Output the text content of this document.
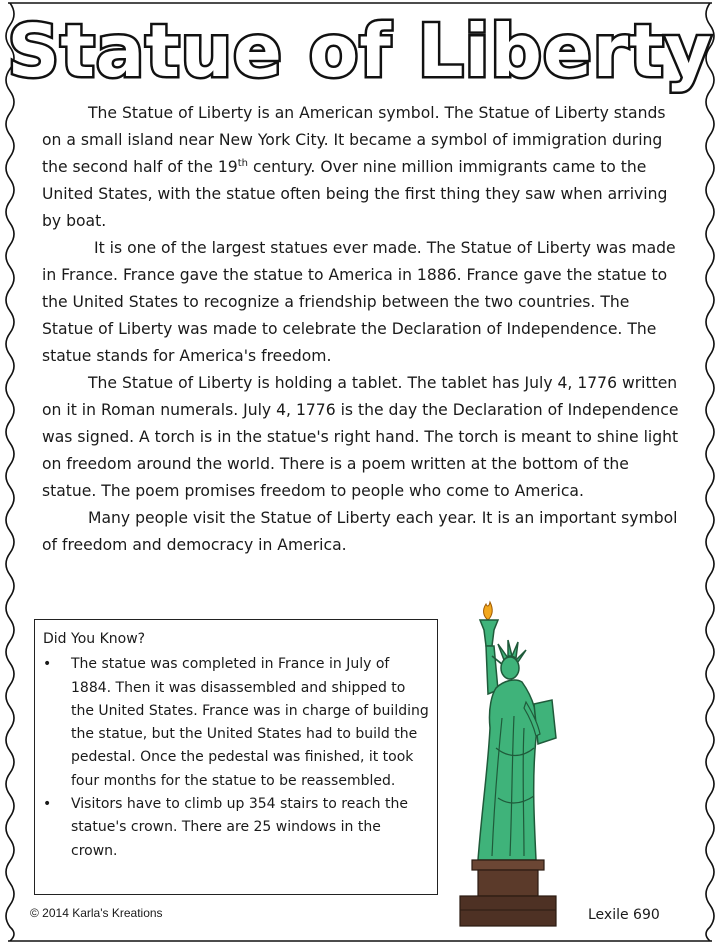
Statue of Liberty

The Statue of Liberty is an American symbol. The Statue of Liberty stands on a small island near New York City. It became a symbol of immigration during the second half of the 19th century. Over nine million immigrants came to the United States, with the statue often being the first thing they saw when arriving by boat.

It is one of the largest statues ever made. The Statue of Liberty was made in France. France gave the statue to America in 1886. France gave the statue to the United States to recognize a friendship between the two countries. The Statue of Liberty was made to celebrate the Declaration of Independence. The statue stands for America's freedom.

The Statue of Liberty is holding a tablet. The tablet has July 4, 1776 written on it in Roman numerals. July 4, 1776 is the day the Declaration of Independence was signed. A torch is in the statue's right hand. The torch is meant to shine light on freedom around the world. There is a poem written at the bottom of the statue. The poem promises freedom to people who come to America.

Many people visit the Statue of Liberty each year. It is an important symbol of freedom and democracy in America.

Did You Know?
• The statue was completed in France in July of 1884. Then it was disassembled and shipped to the United States. France was in charge of building the statue, but the United States had to build the pedestal. Once the pedestal was finished, it took four months for the statue to be reassembled.
• Visitors have to climb up 354 stairs to reach the statue's crown. There are 25 windows in the crown.
© 2014 Karla's Kreations	Lexile 690
